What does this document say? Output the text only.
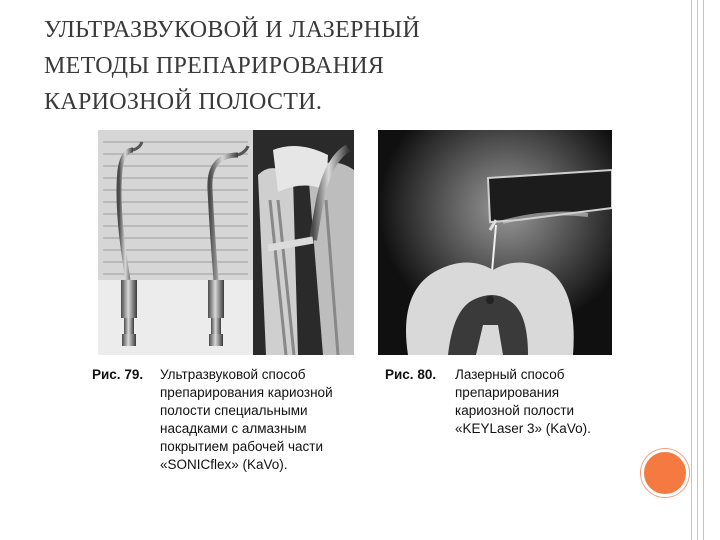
УЛЬТРАЗВУКОВОЙ И ЛАЗЕРНЫЙ
МЕТОДЫ ПРЕПАРИРОВАНИЯ
КАРИОЗНОЙ ПОЛОСТИ.
Рис. 79.	Ультразвуковой способ
препарирования кариозной
полости специальными
насадками с алмазным
покрытием рабочей части
«SONICflex» (KaVo).
Рис. 80.	Лазерный способ
препарирования
кариозной полости
«KEYLaser 3» (KaVo).
